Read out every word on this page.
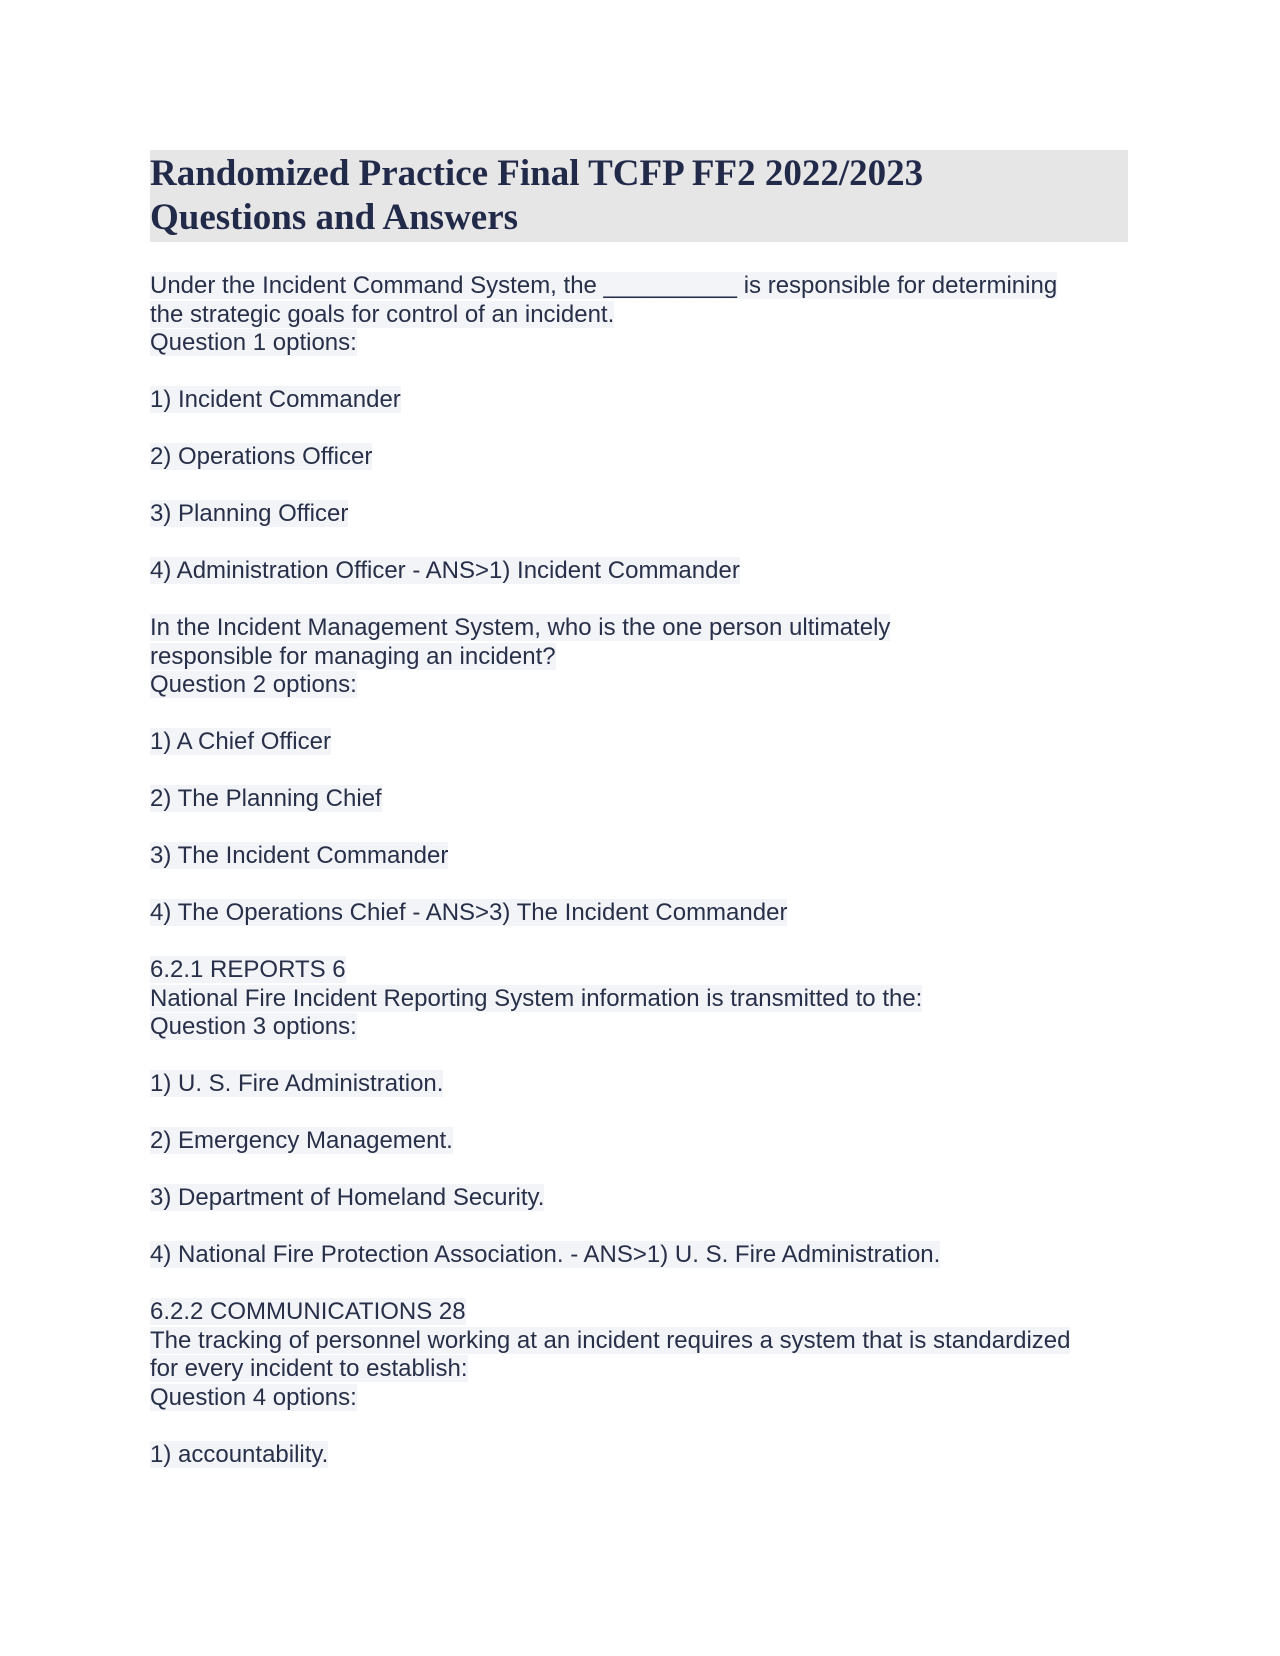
Randomized Practice Final TCFP FF2 2022/2023
Questions and Answers
Under the Incident Command System, the __________ is responsible for determining
the strategic goals for control of an incident.
Question 1 options:
1) Incident Commander
2) Operations Officer
3) Planning Officer
4) Administration Officer - ANS>1) Incident Commander
In the Incident Management System, who is the one person ultimately
responsible for managing an incident?
Question 2 options:
1) A Chief Officer
2) The Planning Chief
3) The Incident Commander
4) The Operations Chief - ANS>3) The Incident Commander
6.2.1 REPORTS 6
National Fire Incident Reporting System information is transmitted to the:
Question 3 options:
1) U. S. Fire Administration.
2) Emergency Management.
3) Department of Homeland Security.
4) National Fire Protection Association. - ANS>1) U. S. Fire Administration.
6.2.2 COMMUNICATIONS 28
The tracking of personnel working at an incident requires a system that is standardized
for every incident to establish:
Question 4 options:
1) accountability.
